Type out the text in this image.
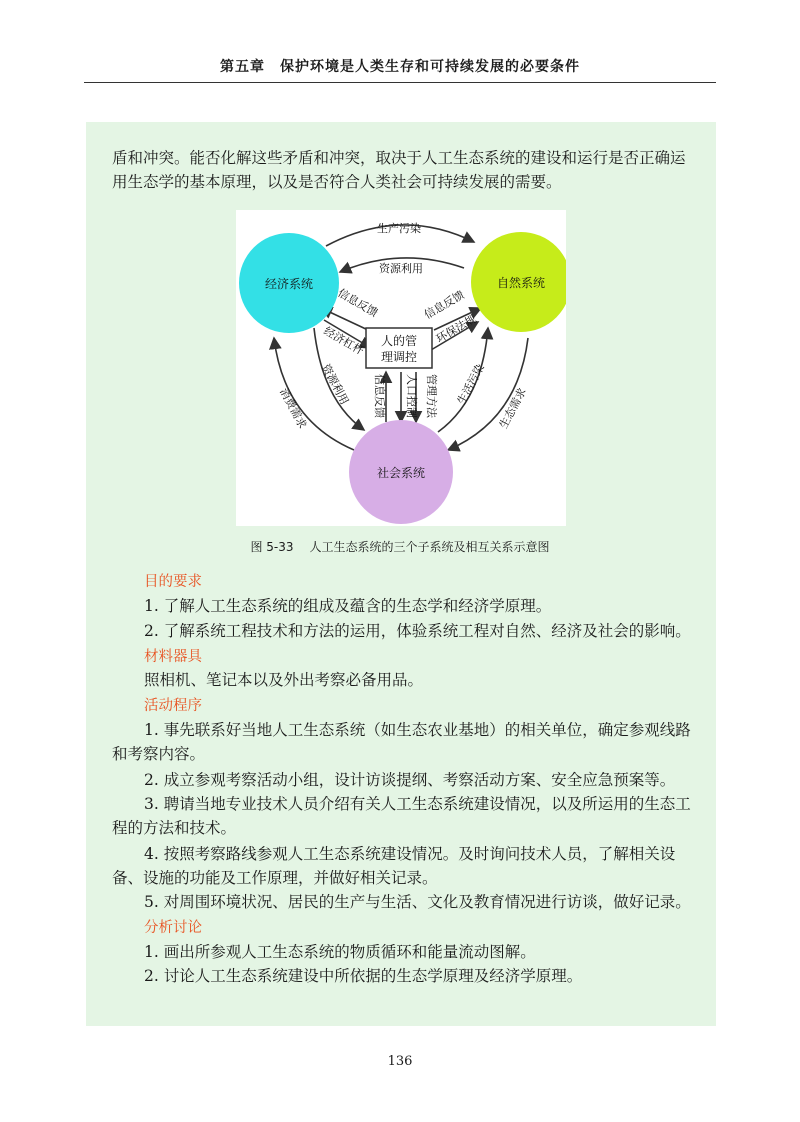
第五章　保护环境是人类生存和可持续发展的必要条件

盾和冲突。能否化解这些矛盾和冲突，取决于人工生态系统的建设和运行是否正确运用生态学的基本原理，以及是否符合人类社会可持续发展的需要。

经济系统	自然系统
社会系统
人的管
理调控
生产污染
资源利用
信息反馈
经济杠杆
信息反馈
环保法规
资源利用
消费需求
生活污染
生态需求
信息反馈 人口控制 管理方法
图 5-33 人工生态系统的三个子系统及相互关系示意图
目的要求

1. 了解人工生态系统的组成及蕴含的生态学和经济学原理。

2. 了解系统工程技术和方法的运用，体验系统工程对自然、经济及社会的影响。

材料器具

照相机、笔记本以及外出考察必备用品。

活动程序

1. 事先联系好当地人工生态系统（如生态农业基地）的相关单位，确定参观线路和考察内容。

2. 成立参观考察活动小组，设计访谈提纲、考察活动方案、安全应急预案等。

3. 聘请当地专业技术人员介绍有关人工生态系统建设情况，以及所运用的生态工程的方法和技术。

4. 按照考察路线参观人工生态系统建设情况。及时询问技术人员，了解相关设备、设施的功能及工作原理，并做好相关记录。

5. 对周围环境状况、居民的生产与生活、文化及教育情况进行访谈，做好记录。

分析讨论

1. 画出所参观人工生态系统的物质循环和能量流动图解。

2. 讨论人工生态系统建设中所依据的生态学原理及经济学原理。

136
